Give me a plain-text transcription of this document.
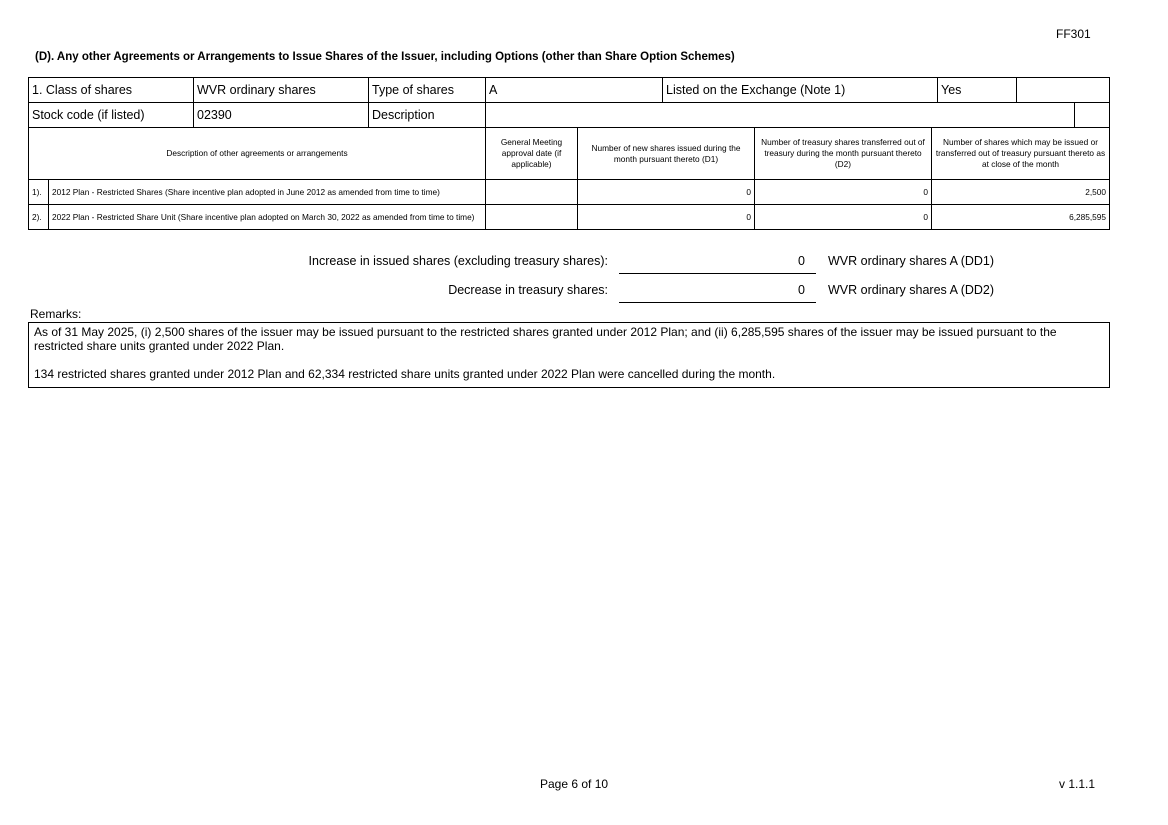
FF301
(D). Any other Agreements or Arrangements to Issue Shares of the Issuer, including Options (other than Share Option Schemes)
1. Class of shares	WVR ordinary shares	Type of shares	A	Listed on the Exchange (Note 1)	Yes		
Stock code (if listed)	02390	Description					
Description of other agreements or arrangements		General Meeting approval date (if applicable)	Number of new shares issued during the month pursuant thereto (D1)	Number of treasury shares transferred out of treasury during the month pursuant thereto (D2)	Number of shares which may be issued or transferred out of treasury pursuant thereto as at close of the month
1).	2012 Plan - Restricted Shares (Share incentive plan adopted in June 2012 as amended from time to time)		0	0	2,500
2).	2022 Plan - Restricted Share Unit (Share incentive plan adopted on March 30, 2022 as amended from time to time)		0	0	6,285,595
Increase in issued shares (excluding treasury shares):	0 WVR ordinary shares A (DD1)
Decrease in treasury shares:	0 WVR ordinary shares A (DD2)
Remarks:

As of 31 May 2025, (i) 2,500 shares of the issuer may be issued pursuant to the restricted shares granted under 2012 Plan; and (ii) 6,285,595 shares of the issuer may be issued pursuant to the restricted share units granted under 2022 Plan.

134 restricted shares granted under 2012 Plan and 62,334 restricted share units granted under 2022 Plan were cancelled during the month.

Page 6 of 10	v 1.1.1
